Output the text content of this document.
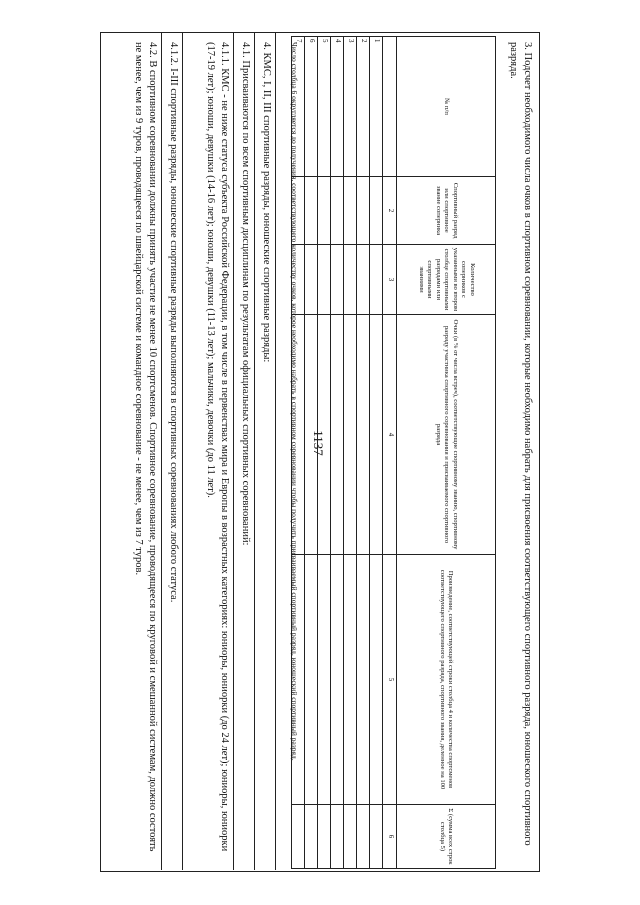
1137	3. Подсчет необходимого числа очков в спортивном соревновании, которые необходимо набрать для присвоения соответствующего спортивного разряда, юношеского спортивного разряда.

№ п/п	Спортивный разряд или спортивное звание соперника	Количество соперников с указанными во втором столбце спортивными разрядами или спортивными званиями	Очки (в % от числа встреч), соответствующие спортивному званию, спортивному разряду участника спортивного соревнования и присваиваемого спортивного разряда	Произведение, соответствующей строки столбца 4 и количества спортсменов соответствующего спортивного разряда, спортивного звания, деленное на 100	Σ (сумма всех строк столбца 5)
	2	3	4	5	6
1					
2					
3					
4					
5					
6					
7					

Число столбца 6 округляется до получения, соответствующего количеству очков, которое необходимо набрать в спортивном соревновании чтобы получить присваиваемый спортивный разряд, юношеский спортивный разряд.

4. КМС, I, II, III спортивные разряды, юношеские спортивные разряды:

4.1. Присваиваются по всем спортивным дисциплинам по результатам официальных спортивных соревнований:

4.1.1. КМС - не ниже статуса субъекта Российской Федерации, в том числе в первенствах мира и Европы в возрастных категориях: юниоры, юниорки (до 24 лет); юниоры, юниорки (17-19 лет); юноши, девушки (14-16 лет); юноши, девушки (11-13 лет); мальчики, девочки (до 11 лет).

4.1.2. I-III спортивные разряды, юношеские спортивные разряды выполняются в спортивных соревнованиях любого статуса.

4.2. В спортивном соревновании должны принять участие не менее 10 спортсменов. Спортивное соревнование, проводящееся по круговой и смешанной системам, должно состоять не менее, чем из 9 туров, проводящееся по швейцарской системе и командное соревнование - не менее, чем из 7 туров.
